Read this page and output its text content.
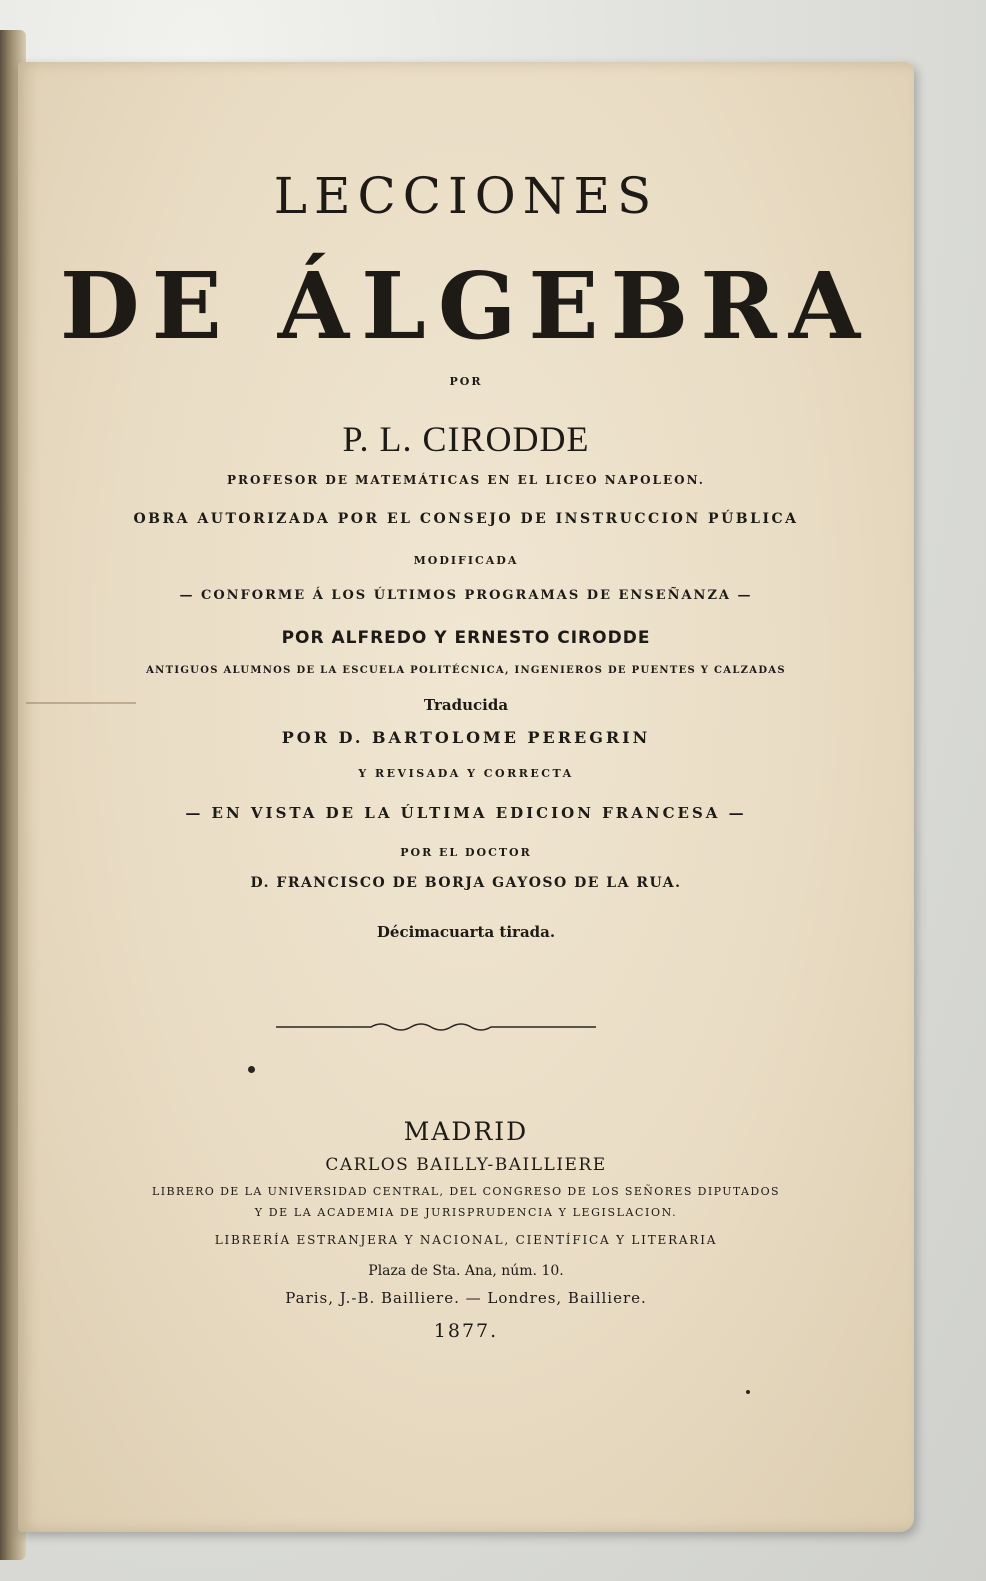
LECCIONES
DE ÁLGEBRA
POR
P. L. CIRODDE
PROFESOR DE MATEMÁTICAS EN EL LICEO NAPOLEON.
OBRA AUTORIZADA POR EL CONSEJO DE INSTRUCCION PÚBLICA
MODIFICADA
— CONFORME Á LOS ÚLTIMOS PROGRAMAS DE ENSEÑANZA —
POR ALFREDO Y ERNESTO CIRODDE
ANTIGUOS ALUMNOS DE LA ESCUELA POLITÉCNICA, INGENIEROS DE PUENTES Y CALZADAS
Traducida
POR D. BARTOLOME PEREGRIN
Y REVISADA Y CORRECTA
— EN VISTA DE LA ÚLTIMA EDICION FRANCESA —
POR EL DOCTOR
D. FRANCISCO DE BORJA GAYOSO DE LA RUA.
Décimacuarta tirada.
MADRID
CARLOS BAILLY-BAILLIERE
LIBRERO DE LA UNIVERSIDAD CENTRAL, DEL CONGRESO DE LOS SEÑORES DIPUTADOS
Y DE LA ACADEMIA DE JURISPRUDENCIA Y LEGISLACION.
LIBRERÍA ESTRANJERA Y NACIONAL, CIENTÍFICA Y LITERARIA
Plaza de Sta. Ana, núm. 10.
Paris, J.-B. Bailliere. — Londres, Bailliere.
1877.
